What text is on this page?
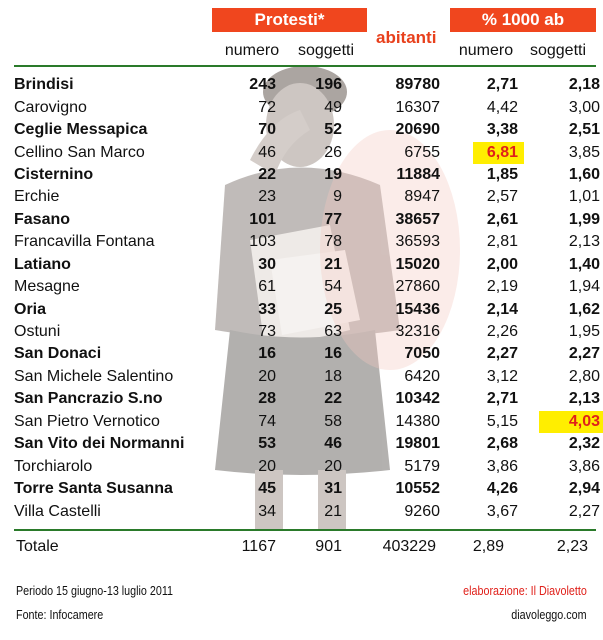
Protesti*
abitanti
% 1000 ab
numero	soggetti	numero	soggetti
Brindisi	243	196	89780	2,71	2,18
Carovigno	72	49	16307	4,42	3,00
Ceglie Messapica	70	52	20690	3,38	2,51
Cellino San Marco	46	26	6755	6,81	3,85
Cisternino	22	19	11884	1,85	1,60
Erchie	23	9	8947	2,57	1,01
Fasano	101	77	38657	2,61	1,99
Francavilla Fontana	103	78	36593	2,81	2,13
Latiano	30	21	15020	2,00	1,40
Mesagne	61	54	27860	2,19	1,94
Oria	33	25	15436	2,14	1,62
Ostuni	73	63	32316	2,26	1,95
San Donaci	16	16	7050	2,27	2,27
San Michele Salentino	20	18	6420	3,12	2,80
San Pancrazio S.no	28	22	10342	2,71	2,13
San Pietro Vernotico	74	58	14380	5,15	4,03
San Vito dei Normanni	53	46	19801	2,68	2,32
Torchiarolo	20	20	5179	3,86	3,86
Torre Santa Susanna	45	31	10552	4,26	2,94
Villa Castelli	34	21	9260	3,67	2,27
Totale	1167	901	403229	2,89	2,23
Periodo 15 giugno-13 luglio 2011
Fonte: Infocamere
elaborazione: Il Diavoletto
diavoleggo.com
